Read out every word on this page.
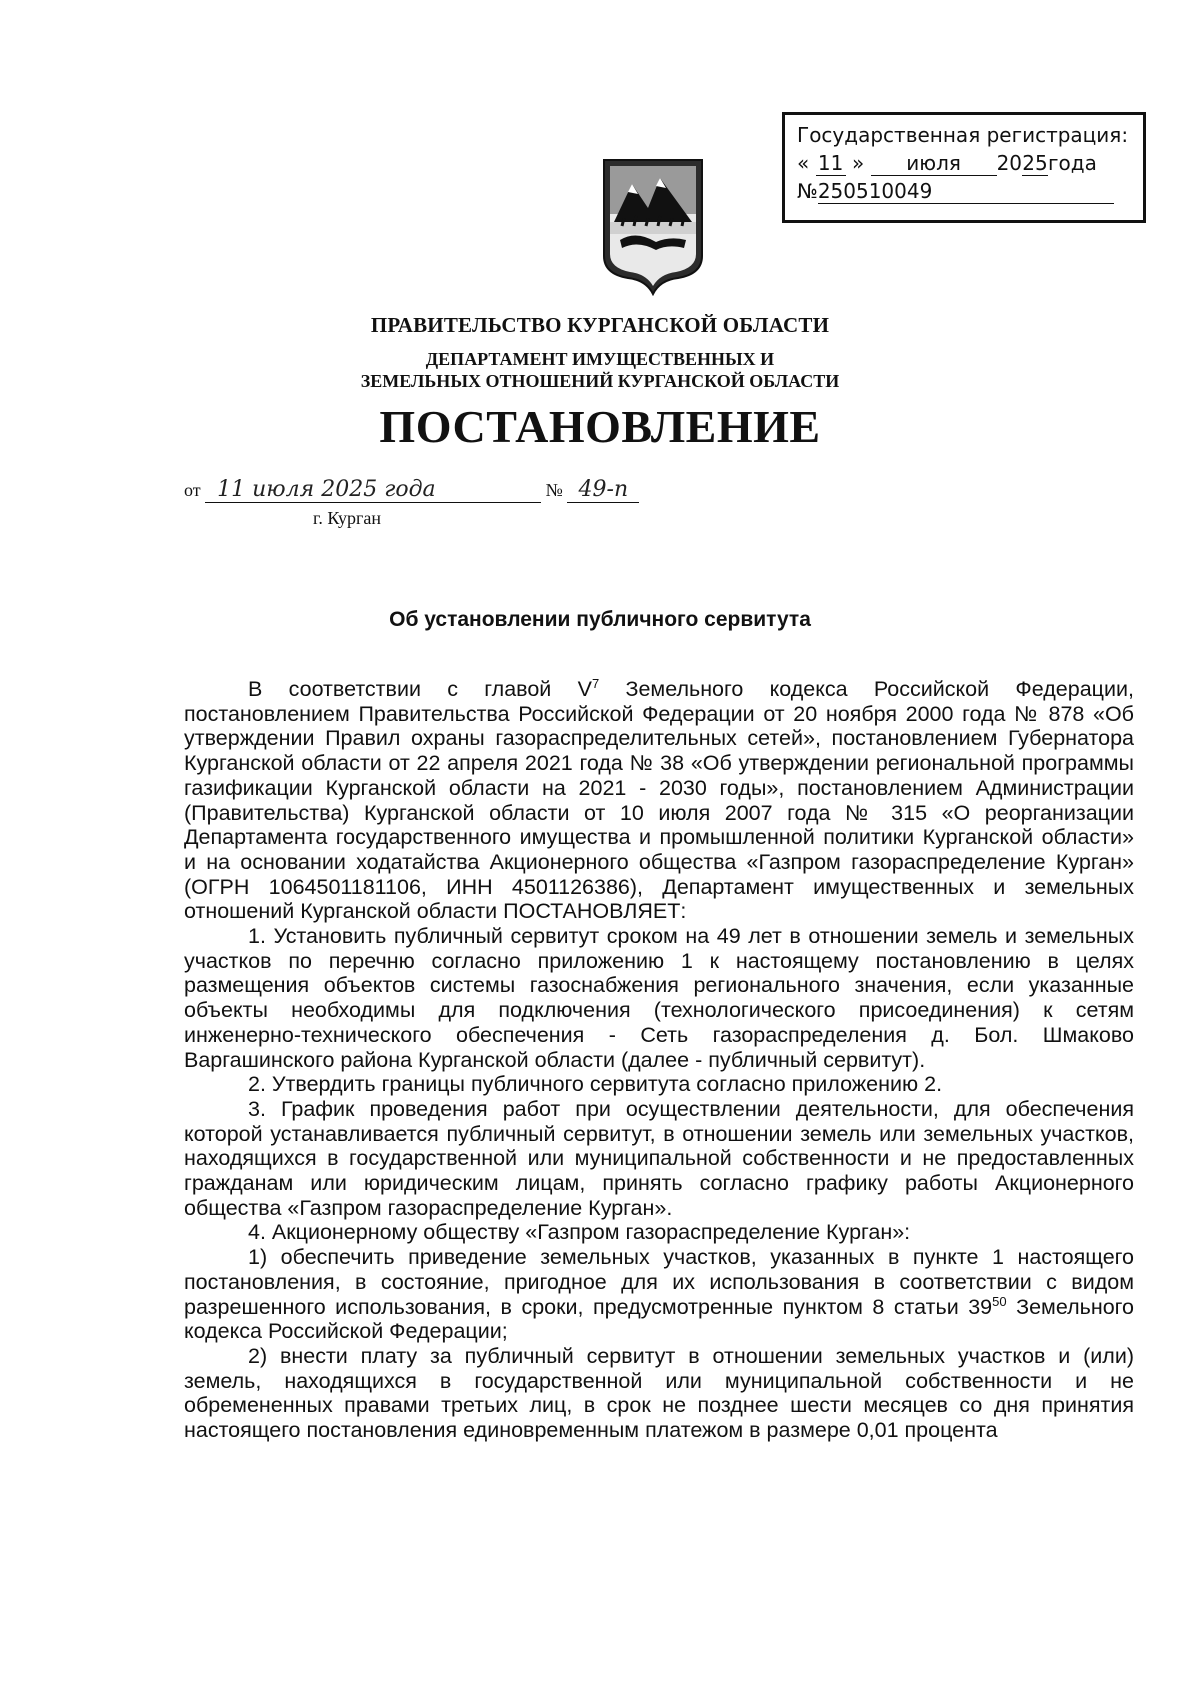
Государственная регистрация:
« 11 » июля 2025года
№250510049
ПРАВИТЕЛЬСТВО КУРГАНСКОЙ ОБЛАСТИ
ДЕПАРТАМЕНТ ИМУЩЕСТВЕННЫХ И
ЗЕМЕЛЬНЫХ ОТНОШЕНИЙ КУРГАНСКОЙ ОБЛАСТИ
ПОСТАНОВЛЕНИЕ
от 11 июля 2025 года	№ 49-п
г. Курган
Об установлении публичного сервитута

В соответствии с главой $V^7$ Земельного кодекса Российской Федерации, постановлением Правительства Российской Федерации от 20 ноября 2000 года № 878 «Об утверждении Правил охраны газораспределительных сетей», постановлением Губернатора Курганской области от 22 апреля 2021 года № 38 «Об утверждении региональной программы газификации Курганской области на 2021 - 2030 годы», постановлением Администрации (Правительства) Курганской области от 10 июля 2007 года № 315 «О реорганизации Департамента государственного имущества и промышленной политики Курганской области» и на основании ходатайства Акционерного общества «Газпром газораспределение Курган» (ОГРН 1064501181106, ИНН 4501126386), Департамент имущественных и земельных отношений Курганской области ПОСТАНОВЛЯЕТ:

1. Установить публичный сервитут сроком на 49 лет в отношении земель и земельных участков по перечню согласно приложению 1 к настоящему постановлению в целях размещения объектов системы газоснабжения регионального значения, если указанные объекты необходимы для подключения (технологического присоединения) к сетям инженерно-технического обеспечения - Сеть газораспределения д. Бол. Шмаково Варгашинского района Курганской области (далее - публичный сервитут).

2. Утвердить границы публичного сервитута согласно приложению 2.

3. График проведения работ при осуществлении деятельности, для обеспечения которой устанавливается публичный сервитут, в отношении земель или земельных участков, находящихся в государственной или муниципальной собственности и не предоставленных гражданам или юридическим лицам, принять согласно графику работы Акционерного общества «Газпром газораспределение Курган».

4. Акционерному обществу «Газпром газораспределение Курган»:

1) обеспечить приведение земельных участков, указанных в пункте 1 настоящего постановления, в состояние, пригодное для их использования в соответствии с видом разрешенного использования, в сроки, предусмотренные пунктом 8 статьи $39^{50}$ Земельного кодекса Российской Федерации;

2) внести плату за публичный сервитут в отношении земельных участков и (или) земель, находящихся в государственной или муниципальной собственности и не обремененных правами третьих лиц, в срок не позднее шести месяцев со дня принятия настоящего постановления единовременным платежом в размере 0,01 процента
